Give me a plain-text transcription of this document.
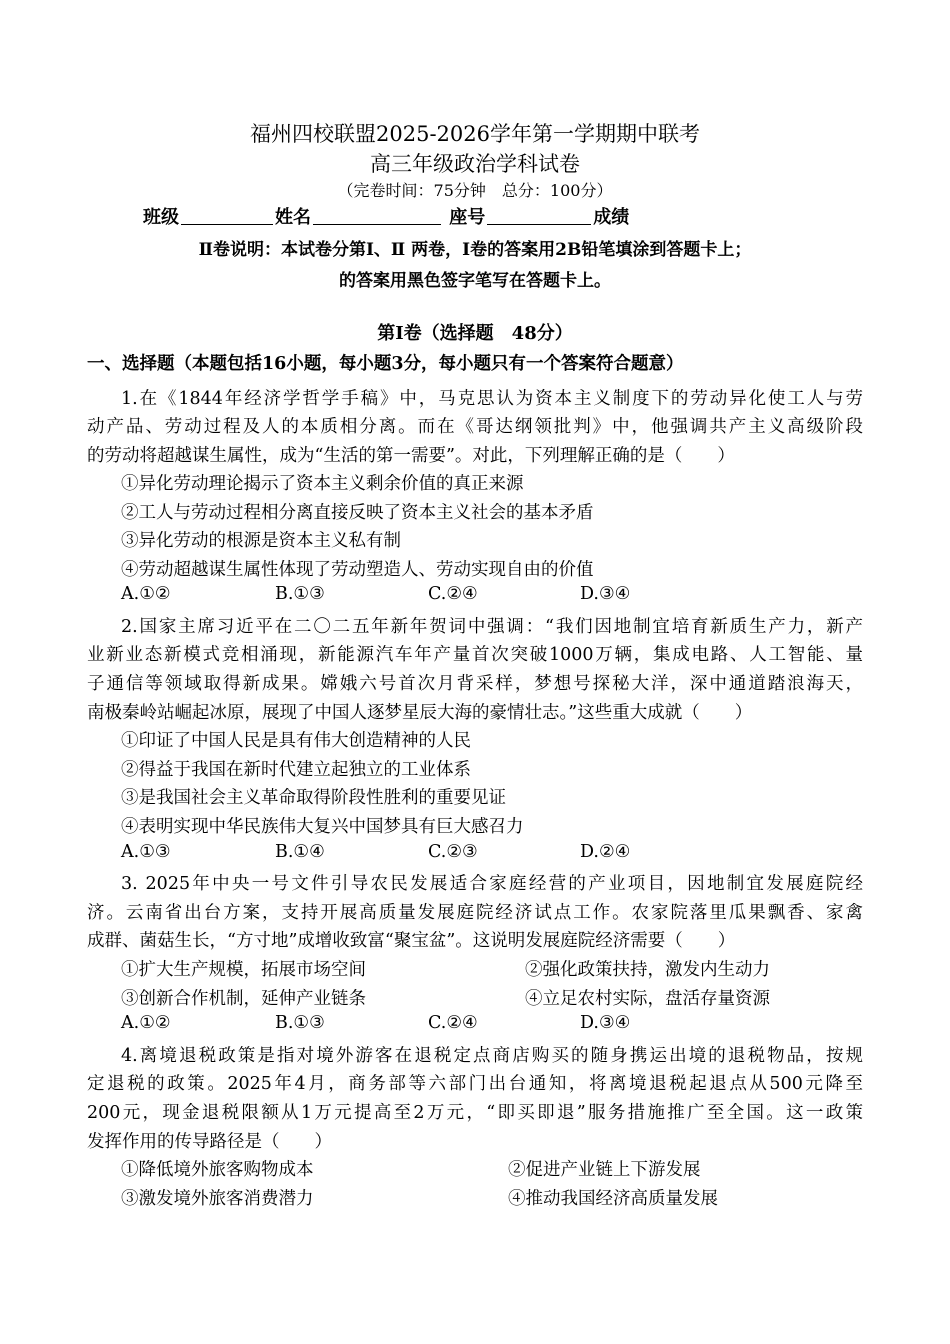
福州四校联盟2025-2026学年第一学期期中联考
高三年级政治学科试卷
（完卷时间：75分钟　总分：100分）
班级	姓名	座号	成绩
Ⅱ卷说明：本试卷分第Ⅰ、Ⅱ 两卷，Ⅰ卷的答案用2B铅笔填涂到答题卡上；
的答案用黑色签字笔写在答题卡上。
第Ⅰ卷（选择题　48分）
一、选择题（本题包括16小题，每小题3分，每小题只有一个答案符合题意）
1.在《1844年经济学哲学手稿》中，马克思认为资本主义制度下的劳动异化使工人与劳
动产品、劳动过程及人的本质相分离。而在《哥达纲领批判》中，他强调共产主义高级阶段
的劳动将超越谋生属性，成为“生活的第一需要”。对此，下列理解正确的是（　　）
①异化劳动理论揭示了资本主义剩余价值的真正来源
②工人与劳动过程相分离直接反映了资本主义社会的基本矛盾
③异化劳动的根源是资本主义私有制
④劳动超越谋生属性体现了劳动塑造人、劳动实现自由的价值
A.①②	B.①③	C.②④	D.③④
2.国家主席习近平在二〇二五年新年贺词中强调：“我们因地制宜培育新质生产力，新产
业新业态新模式竞相涌现，新能源汽车年产量首次突破1000万辆，集成电路、人工智能、量
子通信等领域取得新成果。嫦娥六号首次月背采样，梦想号探秘大洋，深中通道踏浪海天，
南极秦岭站崛起冰原，展现了中国人逐梦星辰大海的豪情壮志。”这些重大成就（　　）
①印证了中国人民是具有伟大创造精神的人民
②得益于我国在新时代建立起独立的工业体系
③是我国社会主义革命取得阶段性胜利的重要见证
④表明实现中华民族伟大复兴中国梦具有巨大感召力
A.①③	B.①④	C.②③	D.②④
3. 2025年中央一号文件引导农民发展适合家庭经营的产业项目，因地制宜发展庭院经
济。云南省出台方案，支持开展高质量发展庭院经济试点工作。农家院落里瓜果飘香、家禽
成群、菌菇生长，“方寸地”成增收致富“聚宝盆”。这说明发展庭院经济需要（　　）
①扩大生产规模，拓展市场空间	②强化政策扶持，激发内生动力
③创新合作机制，延伸产业链条	④立足农村实际，盘活存量资源
A.①②	B.①③	C.②④	D.③④
4.离境退税政策是指对境外游客在退税定点商店购买的随身携运出境的退税物品，按规
定退税的政策。2025年4月，商务部等六部门出台通知，将离境退税起退点从500元降至
200元，现金退税限额从1万元提高至2万元，“即买即退”服务措施推广至全国。这一政策
发挥作用的传导路径是（　　）
①降低境外旅客购物成本	②促进产业链上下游发展
③激发境外旅客消费潜力	④推动我国经济高质量发展
